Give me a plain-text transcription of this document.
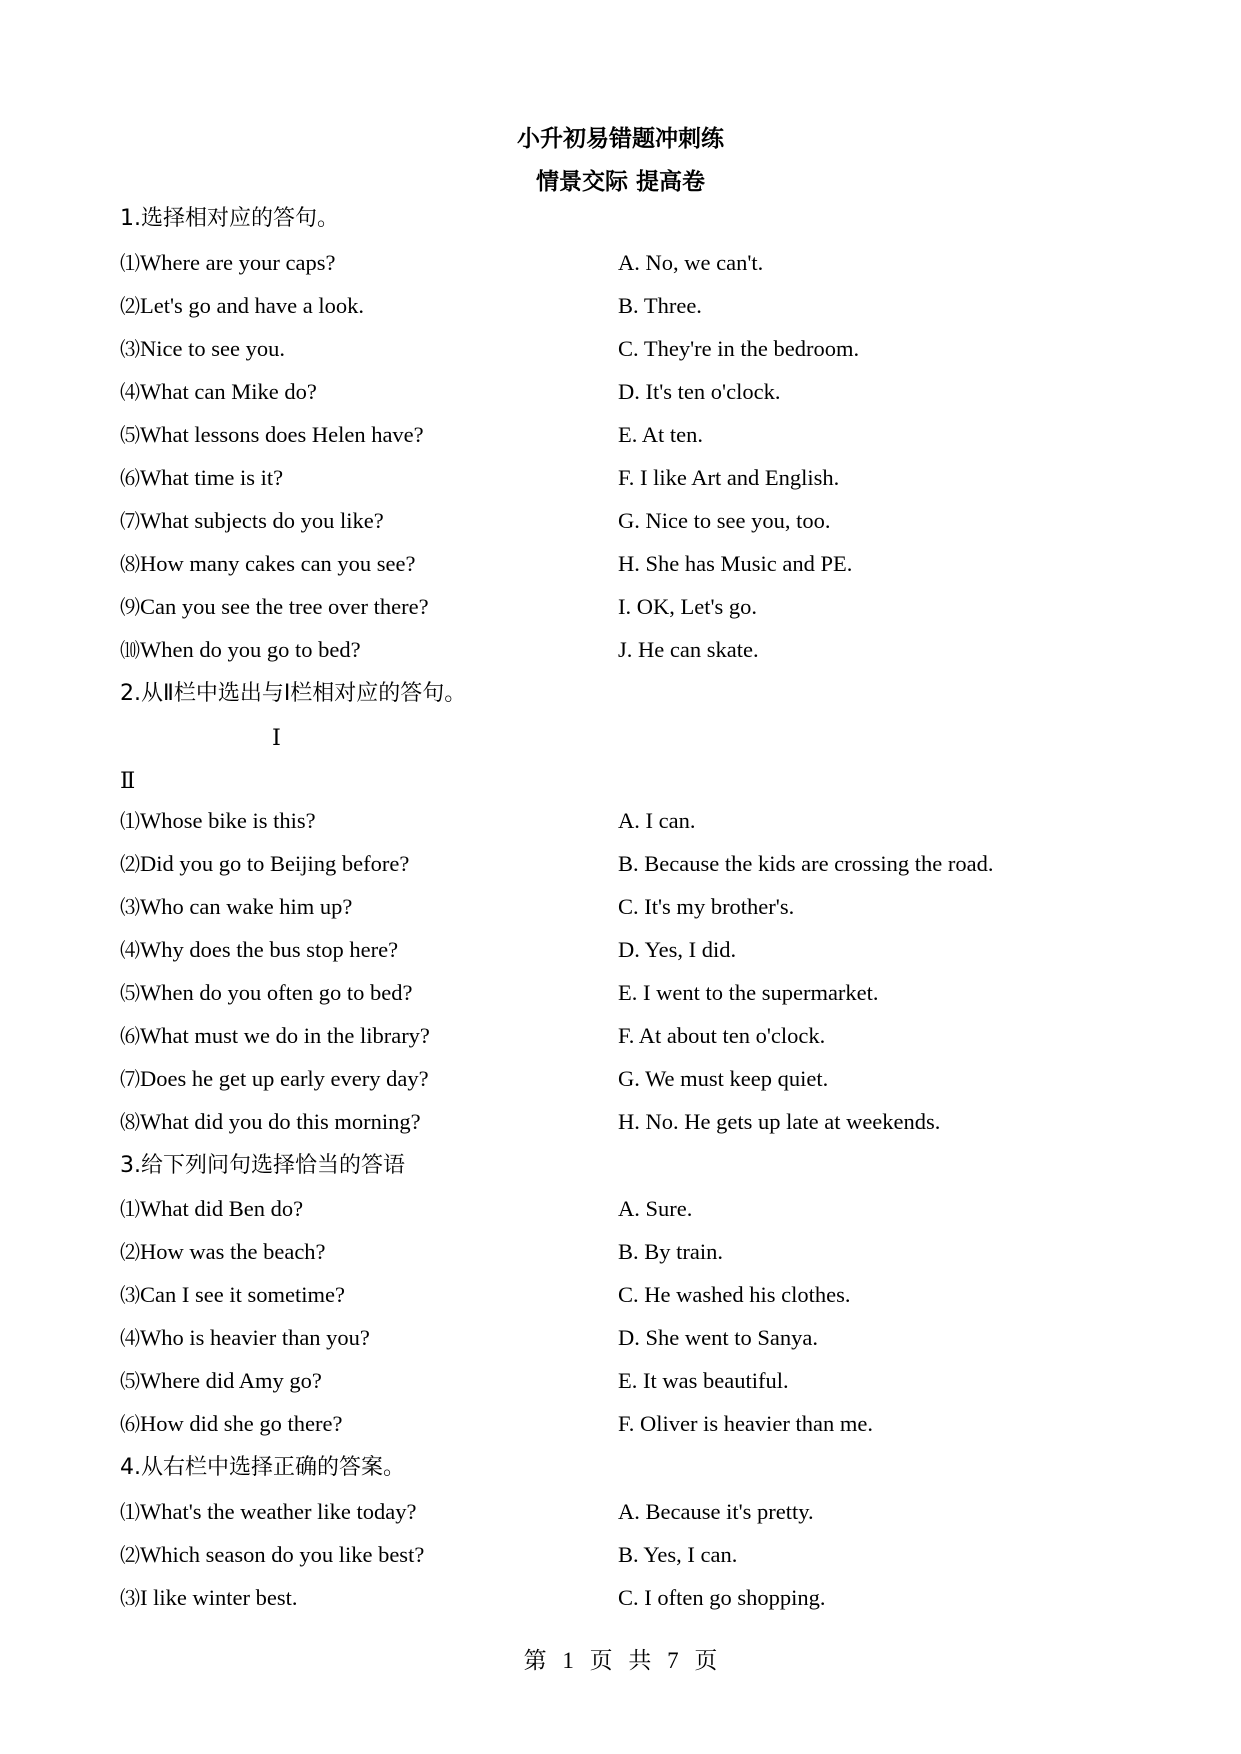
小升初易错题冲刺练
情景交际 提高卷
1.选择相对应的答句。
⑴Where are your caps?
⑵Let's go and have a look.
⑶Nice to see you.
⑷What can Mike do?
⑸What lessons does Helen have?
⑹What time is it?
⑺What subjects do you like?
⑻How many cakes can you see?
⑼Can you see the tree over there?
⑽When do you go to bed?
A. No, we can't.
B. Three.
C. They're in the bedroom.
D. It's ten o'clock.
E. At ten.
F. I like Art and English.
G. Nice to see you, too.
H. She has Music and PE.
I. OK, Let's go.
J. He can skate.
2.从Ⅱ栏中选出与Ⅰ栏相对应的答句。
Ⅰ
Ⅱ
⑴Whose bike is this?
⑵Did you go to Beijing before?
⑶Who can wake him up?
⑷Why does the bus stop here?
⑸When do you often go to bed?
⑹What must we do in the library?
⑺Does he get up early every day?
⑻What did you do this morning?
A. I can.
B. Because the kids are crossing the road.
C. It's my brother's.
D. Yes, I did.
E. I went to the supermarket.
F. At about ten o'clock.
G. We must keep quiet.
H. No. He gets up late at weekends.
3.给下列问句选择恰当的答语
⑴What did Ben do?
⑵How was the beach?
⑶Can I see it sometime?
⑷Who is heavier than you?
⑸Where did Amy go?
⑹How did she go there?
A. Sure.
B. By train.
C. He washed his clothes.
D. She went to Sanya.
E. It was beautiful.
F. Oliver is heavier than me.
4.从右栏中选择正确的答案。
⑴What's the weather like today?
⑵Which season do you like best?
⑶I like winter best.
A. Because it's pretty.
B. Yes, I can.
C. I often go shopping.
第 1 页 共 7 页
